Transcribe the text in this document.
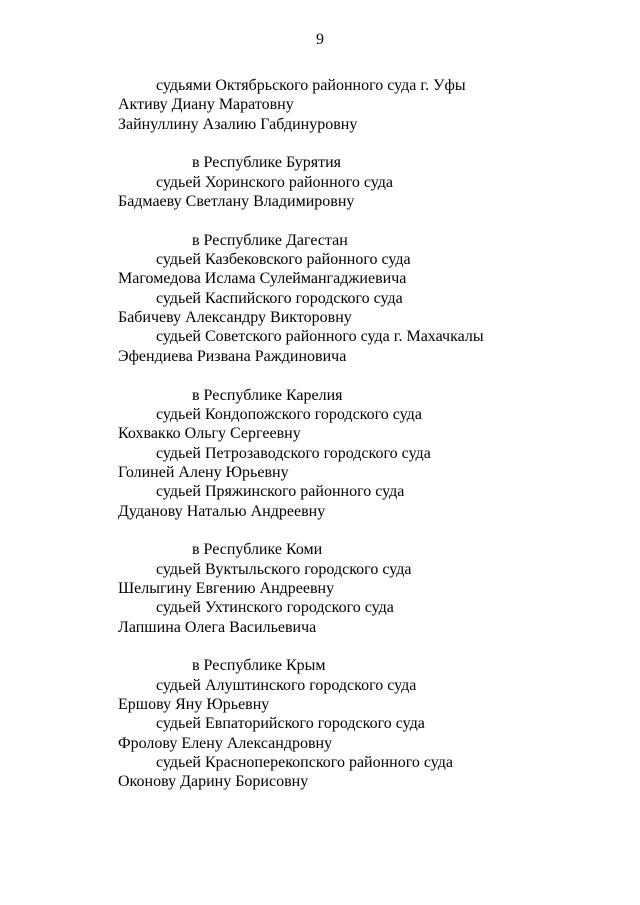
9
судьями Октябрьского районного суда г. Уфы
Активу Диану Маратовну
Зайнуллину Азалию Габдинуровну
в Республике Бурятия
судьей Хоринского районного суда
Бадмаеву Светлану Владимировну
в Республике Дагестан
судьей Казбековского районного суда
Магомедова Ислама Сулеймангаджиевича
судьей Каспийского городского суда
Бабичеву Александру Викторовну
судьей Советского районного суда г. Махачкалы
Эфендиева Ризвана Раждиновича
в Республике Карелия
судьей Кондопожского городского суда
Кохвакко Ольгу Сергеевну
судьей Петрозаводского городского суда
Голиней Алену Юрьевну
судьей Пряжинского районного суда
Дуданову Наталью Андреевну
в Республике Коми
судьей Вуктыльского городского суда
Шелыгину Евгению Андреевну
судьей Ухтинского городского суда
Лапшина Олега Васильевича
в Республике Крым
судьей Алуштинского городского суда
Ершову Яну Юрьевну
судьей Евпаторийского городского суда
Фролову Елену Александровну
судьей Красноперекопского районного суда
Оконову Дарину Борисовну
